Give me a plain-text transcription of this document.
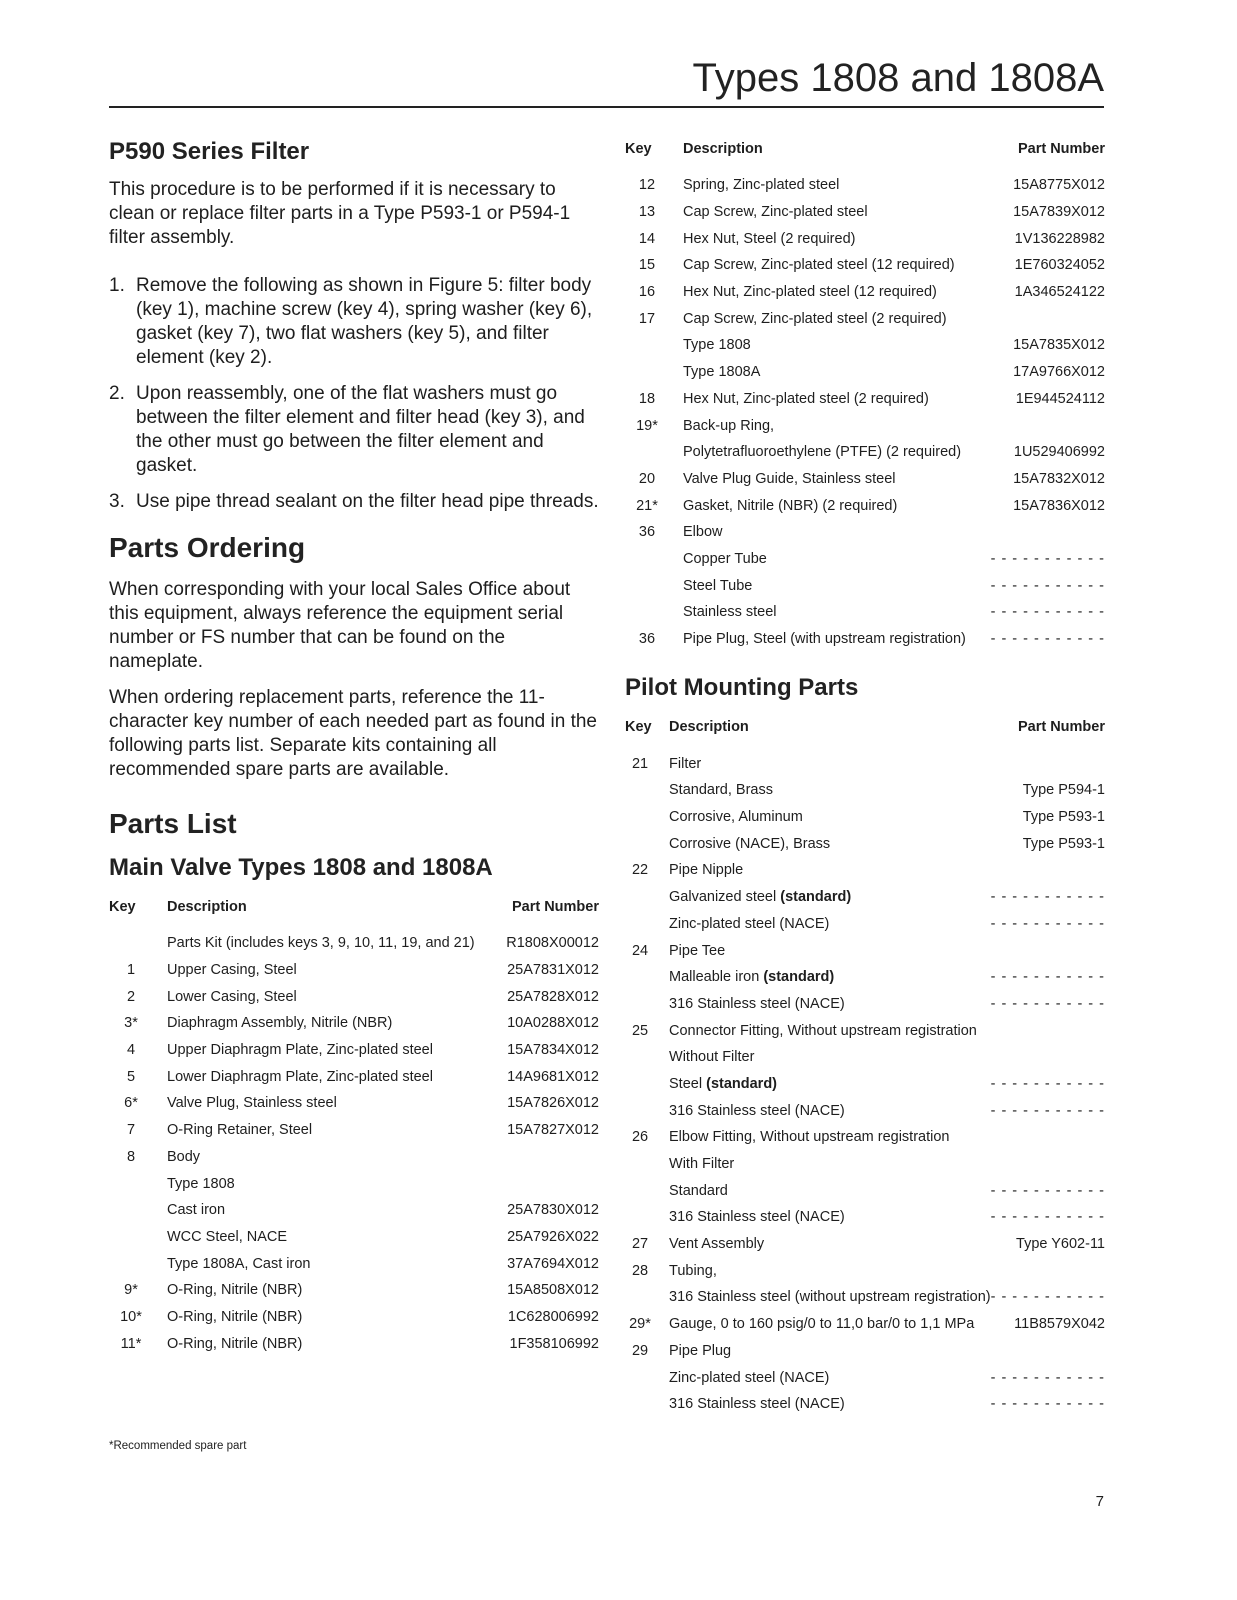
Types 1808 and 1808A
P590 Series Filter

This procedure is to be performed if it is necessary to clean or replace filter parts in a Type P593-1 or P594-1 filter assembly.

1. Remove the following as shown in Figure 5: filter body (key 1), machine screw (key 4), spring washer (key 6), gasket (key 7), two flat washers (key 5), and filter element (key 2).
2. Upon reassembly, one of the flat washers must go between the filter element and filter head (key 3), and the other must go between the filter element and gasket.
3. Use pipe thread sealant on the filter head pipe threads.
Parts Ordering

When corresponding with your local Sales Office about this equipment, always reference the equipment serial number or FS number that can be found on the nameplate.

When ordering replacement parts, reference the 11-character key number of each needed part as found in the following parts list. Separate kits containing all recommended spare parts are available.

Parts List
Main Valve Types 1808 and 1808A
Key	Description	Part Number
	Parts Kit (includes keys 3, 9, 10, 11, 19, and 21)	R1808X00012
1	Upper Casing, Steel	25A7831X012
2	Lower Casing, Steel	25A7828X012
3*	Diaphragm Assembly, Nitrile (NBR)	10A0288X012
4	Upper Diaphragm Plate, Zinc-plated steel	15A7834X012
5	Lower Diaphragm Plate, Zinc-plated steel	14A9681X012
6*	Valve Plug, Stainless steel	15A7826X012
7	O-Ring Retainer, Steel	15A7827X012
8	Body	
	Type 1808	
	Cast iron	25A7830X012
	WCC Steel, NACE	25A7926X022
	Type 1808A, Cast iron	37A7694X012
9*	O-Ring, Nitrile (NBR)	15A8508X012
10*	O-Ring, Nitrile (NBR)	1C628006992
11*	O-Ring, Nitrile (NBR)	1F358106992
Key	Description	Part Number
12	Spring, Zinc-plated steel	15A8775X012
13	Cap Screw, Zinc-plated steel	15A7839X012
14	Hex Nut, Steel (2 required)	1V136228982
15	Cap Screw, Zinc-plated steel (12 required)	1E760324052
16	Hex Nut, Zinc-plated steel (12 required)	1A346524122
17	Cap Screw, Zinc-plated steel (2 required)	
	Type 1808	15A7835X012
	Type 1808A	17A9766X012
18	Hex Nut, Zinc-plated steel (2 required)	1E944524112
19*	Back-up Ring,	
	Polytetrafluoroethylene (PTFE) (2 required)	1U529406992
20	Valve Plug Guide, Stainless steel	15A7832X012
21*	Gasket, Nitrile (NBR) (2 required)	15A7836X012
36	Elbow	
	Copper Tube	- - - - - - - - - - -
	Steel Tube	- - - - - - - - - - -
	Stainless steel	- - - - - - - - - - -
36	Pipe Plug, Steel (with upstream registration)	- - - - - - - - - - -
Pilot Mounting Parts
Key	Description	Part Number
21	Filter	
	Standard, Brass	Type P594-1
	Corrosive, Aluminum	Type P593-1
	Corrosive (NACE), Brass	Type P593-1
22	Pipe Nipple	
	Galvanized steel (standard)	- - - - - - - - - - -
	Zinc-plated steel (NACE)	- - - - - - - - - - -
24	Pipe Tee	
	Malleable iron (standard)	- - - - - - - - - - -
	316 Stainless steel (NACE)	- - - - - - - - - - -
25	Connector Fitting, Without upstream registration	
	Without Filter	
	Steel (standard)	- - - - - - - - - - -
	316 Stainless steel (NACE)	- - - - - - - - - - -
26	Elbow Fitting, Without upstream registration	
	With Filter	
	Standard	- - - - - - - - - - -
	316 Stainless steel (NACE)	- - - - - - - - - - -
27	Vent Assembly	Type Y602-11
28	Tubing,	
	316 Stainless steel (without upstream registration)	- - - - - - - - - - -
29*	Gauge, 0 to 160 psig/0 to 11,0 bar/0 to 1,1 MPa	11B8579X042
29	Pipe Plug	
	Zinc-plated steel (NACE)	- - - - - - - - - - -
	316 Stainless steel (NACE)	- - - - - - - - - - -
*Recommended spare part
7
